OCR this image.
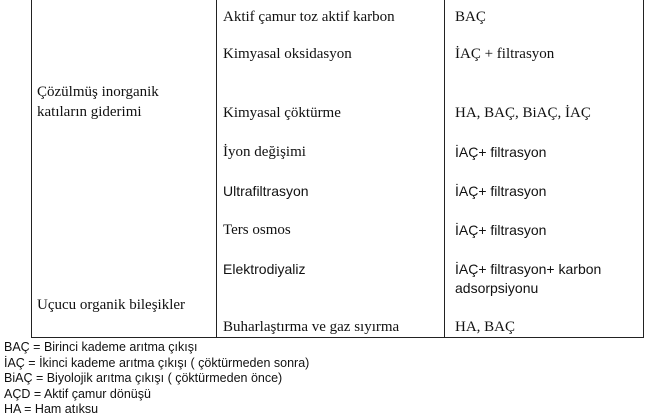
Çözülmüş inorganik
katıların giderimi
Uçucu organik bileşikler
Aktif çamur toz aktif karbon
Kimyasal oksidasyon
Kimyasal çöktürme
İyon değişimi
Ultrafiltrasyon
Ters osmos
Elektrodiyaliz
Buharlaştırma ve gaz sıyırma
BAÇ
İAÇ + filtrasyon
HA, BAÇ, BiAÇ, İAÇ
İAÇ+ filtrasyon
İAÇ+ filtrasyon
İAÇ+ filtrasyon
İAÇ+ filtrasyon+ karbon
adsorpsiyonu
HA, BAÇ
BAÇ = Birinci kademe arıtma çıkışı
İAÇ = İkinci kademe arıtma çıkışı ( çöktürmeden sonra)
BiAÇ = Biyolojik arıtma çıkışı ( çöktürmeden önce)
AÇD = Aktif çamur dönüşü
HA = Ham atıksu
